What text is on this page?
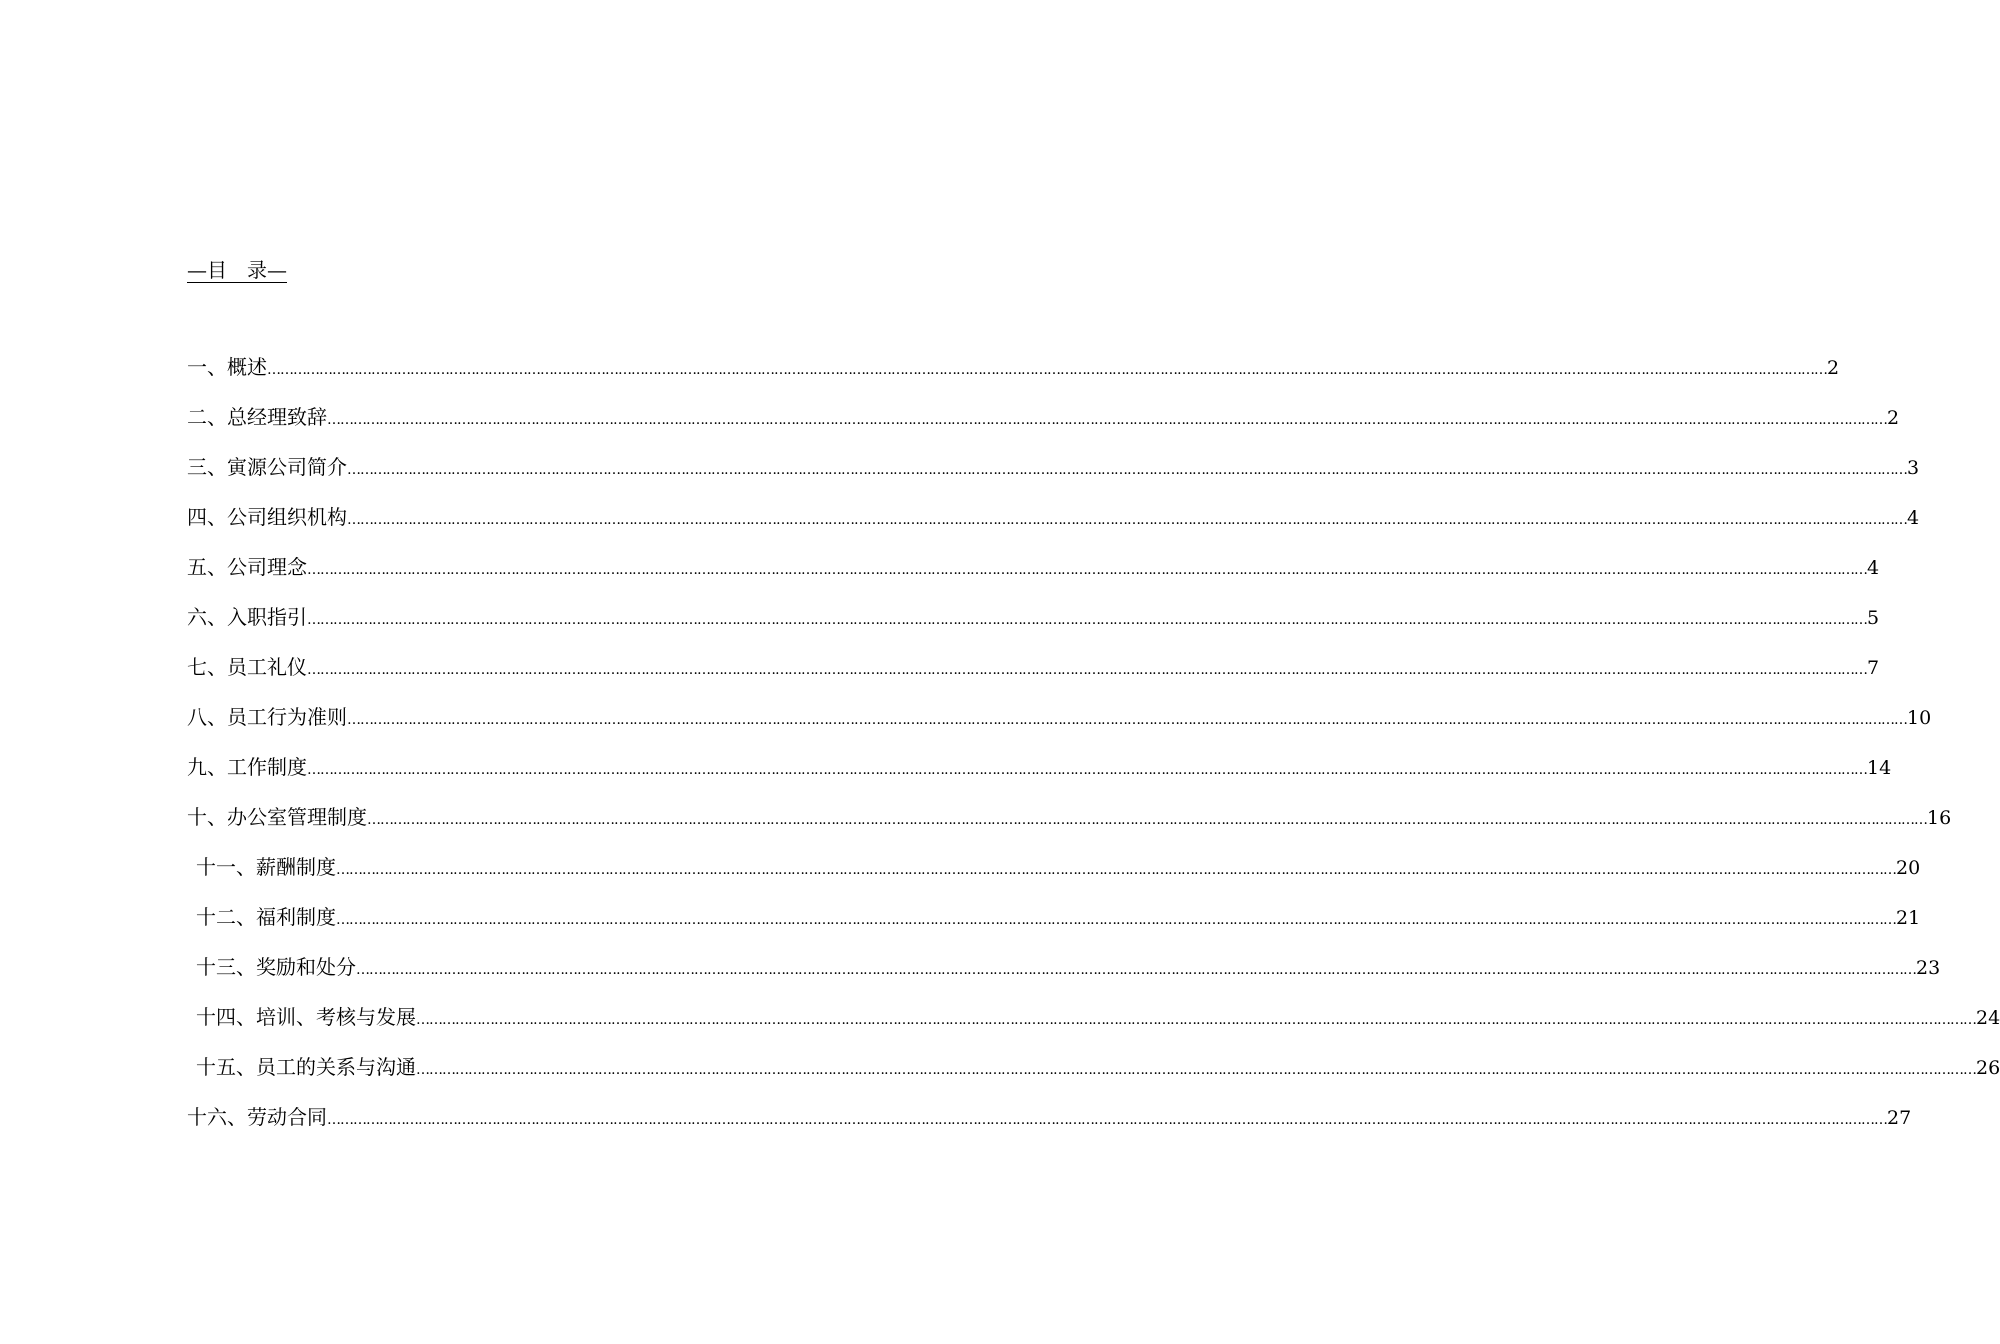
—目　录—
一、概述 ……………………………………………………………………………………………………………………………………………………………………………………………………………………………………………………………………………………………………………………………… 2
二、总经理致辞 ……………………………………………………………………………………………………………………………………………………………………………………………………………………………………………………………………………………………………………………………… 2
三、寅源公司简介 ……………………………………………………………………………………………………………………………………………………………………………………………………………………………………………………………………………………………………………………………… 3
四、公司组织机构 ……………………………………………………………………………………………………………………………………………………………………………………………………………………………………………………………………………………………………………………………… 4
五、公司理念 ……………………………………………………………………………………………………………………………………………………………………………………………………………………………………………………………………………………………………………………………… 4
六、入职指引 ……………………………………………………………………………………………………………………………………………………………………………………………………………………………………………………………………………………………………………………………… 5
七、员工礼仪 ……………………………………………………………………………………………………………………………………………………………………………………………………………………………………………………………………………………………………………………………… 7
八、员工行为准则 ……………………………………………………………………………………………………………………………………………………………………………………………………………………………………………………………………………………………………………………………… 10
九、工作制度 ……………………………………………………………………………………………………………………………………………………………………………………………………………………………………………………………………………………………………………………………… 14
十、办公室管理制度 ……………………………………………………………………………………………………………………………………………………………………………………………………………………………………………………………………………………………………………………………… 16
十一、薪酬制度 ……………………………………………………………………………………………………………………………………………………………………………………………………………………………………………………………………………………………………………………………… 20
十二、福利制度 ……………………………………………………………………………………………………………………………………………………………………………………………………………………………………………………………………………………………………………………………… 21
十三、奖励和处分 ……………………………………………………………………………………………………………………………………………………………………………………………………………………………………………………………………………………………………………………………… 23
十四、培训、考核与发展 ……………………………………………………………………………………………………………………………………………………………………………………………………………………………………………………………………………………………………………………………… 24
十五、员工的关系与沟通 ……………………………………………………………………………………………………………………………………………………………………………………………………………………………………………………………………………………………………………………………… 26
十六、劳动合同 ……………………………………………………………………………………………………………………………………………………………………………………………………………………………………………………………………………………………………………………………… 27
